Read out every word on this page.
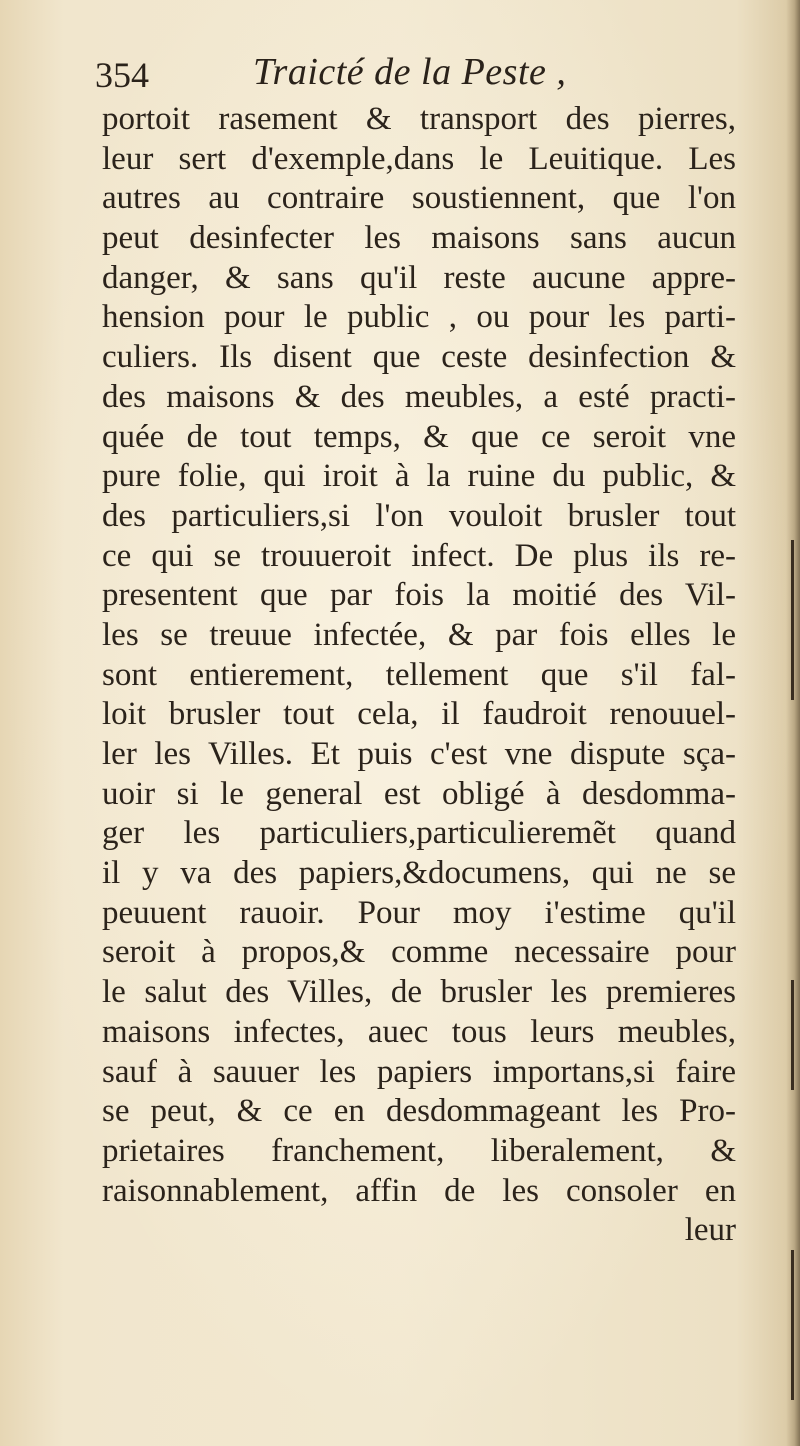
354	Traicté de la Peste ,
portoit rasement & transport des pierres,
leur sert d'exemple,dans le Leuitique. Les
autres au contraire soustiennent, que l'on
peut desinfecter les maisons sans aucun
danger, & sans qu'il reste aucune appre-
hension pour le public , ou pour les parti-
culiers. Ils disent que ceste desinfection &
des maisons & des meubles, a esté practi-
quée de tout temps, & que ce seroit vne
pure folie, qui iroit à la ruine du public, &
des particuliers,si l'on vouloit brusler tout
ce qui se trouueroit infect. De plus ils re-
presentent que par fois la moitié des Vil-
les se treuue infectée, & par fois elles le
sont entierement, tellement que s'il fal-
loit brusler tout cela, il faudroit renouuel-
ler les Villes. Et puis c'est vne dispute sça-
uoir si le general est obligé à desdomma-
ger les particuliers,particulieremẽt quand
il y va des papiers,&documens, qui ne se
peuuent rauoir. Pour moy i'estime qu'il
seroit à propos,& comme necessaire pour
le salut des Villes, de brusler les premieres
maisons infectes, auec tous leurs meubles,
sauf à sauuer les papiers importans,si faire
se peut, & ce en desdommageant les Pro-
prietaires franchement, liberalement, &
raisonnablement, affin de les consoler en
leur
